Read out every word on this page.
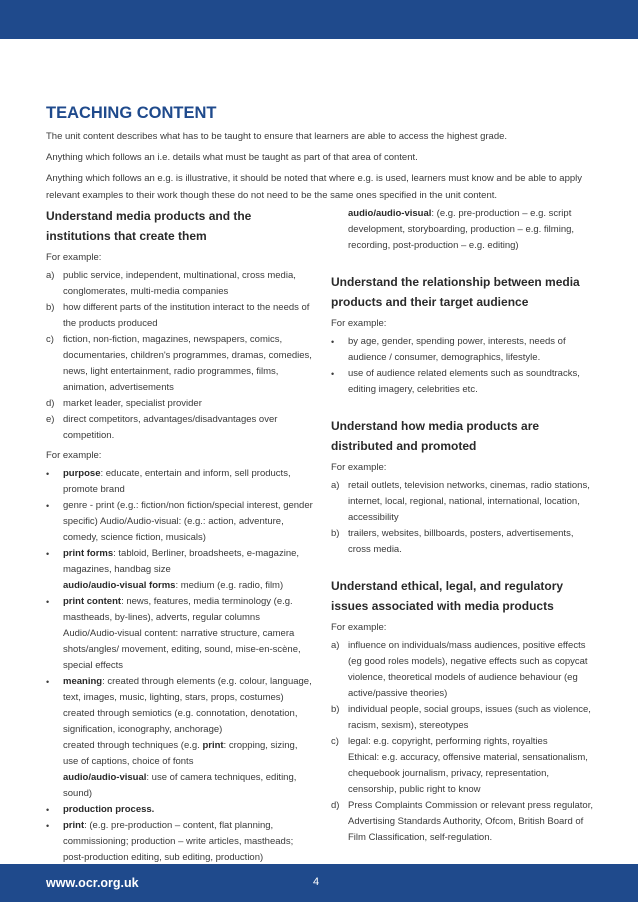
TEACHING CONTENT

The unit content describes what has to be taught to ensure that learners are able to access the highest grade.

Anything which follows an i.e. details what must be taught as part of that area of content.

Anything which follows an e.g. is illustrative, it should be noted that where e.g. is used, learners must know and be able to apply relevant examples to their work though these do not need to be the same ones specified in the unit content.

Understand media products and the institutions that create them

For example:

a) public service, independent, multinational, cross media, conglomerates, multi-media companies
b) how different parts of the institution interact to the needs of the products produced
c) fiction, non-fiction, magazines, newspapers, comics, documentaries, children's programmes, dramas, comedies, news, light entertainment, radio programmes, films, animation, advertisements
d) market leader, specialist provider
e) direct competitors, advantages/disadvantages over competition.

For example:

• purpose: educate, entertain and inform, sell products, promote brand
• genre - print (e.g.: fiction/non fiction/special interest, gender specific) Audio/Audio-visual: (e.g.: action, adventure, comedy, science fiction, musicals)
• print forms: tabloid, Berliner, broadsheets, e-magazine, magazines, handbag size
audio/audio-visual forms: medium (e.g. radio, film)
• print content: news, features, media terminology (e.g. mastheads, by-lines), adverts, regular columns
Audio/Audio-visual content: narrative structure, camera shots/angles/ movement, editing, sound, mise-en-scène, special effects
• meaning: created through elements (e.g. colour, language, text, images, music, lighting, stars, props, costumes)
created through semiotics (e.g. connotation, denotation, signification, iconography, anchorage)
created through techniques (e.g. print: cropping, sizing, use of captions, choice of fonts
audio/audio-visual: use of camera techniques, editing, sound)
• production process.
• print: (e.g. pre-production – content, flat planning, commissioning; production – write articles, mastheads; post-production editing, sub editing, production)

audio/audio-visual: (e.g. pre-production – e.g. script development, storyboarding, production – e.g. filming, recording, post-production – e.g. editing)

Understand the relationship between media products and their target audience

For example:

• by age, gender, spending power, interests, needs of audience / consumer, demographics, lifestyle.
• use of audience related elements such as soundtracks, editing imagery, celebrities etc.
Understand how media products are distributed and promoted

For example:

a) retail outlets, television networks, cinemas, radio stations, internet, local, regional, national, international, location, accessibility
b) trailers, websites, billboards, posters, advertisements, cross media.
Understand ethical, legal, and regulatory issues associated with media products

For example:

a) influence on individuals/mass audiences, positive effects (eg good roles models), negative effects such as copycat violence, theoretical models of audience behaviour (eg active/passive theories)
b) individual people, social groups, issues (such as violence, racism, sexism), stereotypes
c) legal: e.g. copyright, performing rights, royalties
Ethical: e.g. accuracy, offensive material, sensationalism, chequebook journalism, privacy, representation, censorship, public right to know
d) Press Complaints Commission or relevant press regulator, Advertising Standards Authority, Ofcom, British Board of Film Classification, self-regulation.
www.ocr.org.uk	4
